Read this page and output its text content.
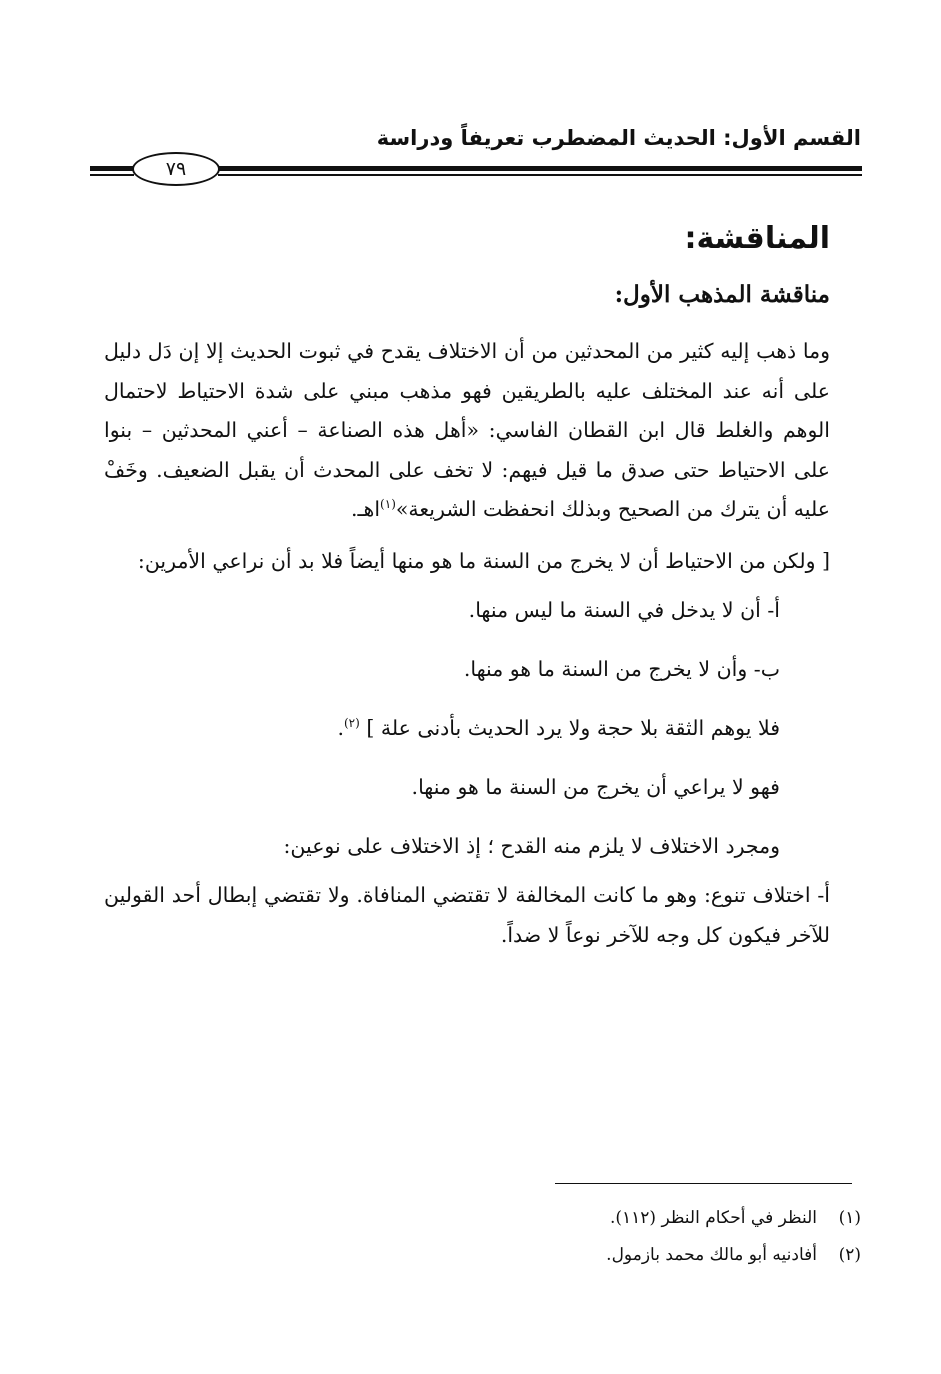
القسم الأول: الحديث المضطرب تعريفاً ودراسة
٧٩
المناقشة:
مناقشة المذهب الأول:

وما ذهب إليه كثير من المحدثين من أن الاختلاف يقدح في ثبوت الحديث إلا إن دَل دليل على أنه عند المختلف عليه بالطريقين فهو مذهب مبني على شدة الاحتياط لاحتمال الوهم والغلط قال ابن القطان الفاسي: «أهل هذه الصناعة – أعني المحدثين – بنوا على الاحتياط حتى صدق ما قيل فيهم: لا تخف على المحدث أن يقبل الضعيف. وخَفْ عليه أن يترك من الصحيح وبذلك انحفظت الشريعة»$^{(١)}$اهـ.

[ ولكن من الاحتياط أن لا يخرج من السنة ما هو منها أيضاً فلا بد أن نراعي الأمرين:

أ- أن لا يدخل في السنة ما ليس منها.
ب- وأن لا يخرج من السنة ما هو منها.
فلا يوهم الثقة بلا حجة ولا يرد الحديث بأدنى علة ] $^{(٢)}$.
فهو لا يراعي أن يخرج من السنة ما هو منها.
ومجرد الاختلاف لا يلزم منه القدح ؛ إذ الاختلاف على نوعين:

أ- اختلاف تنوع: وهو ما كانت المخالفة لا تقتضي المنافاة. ولا تقتضي إبطال أحد القولين للآخر فيكون كل وجه للآخر نوعاً لا ضداً.

(١)النظر في أحكام النظر (١١٢).
(٢)أفادنيه أبو مالك محمد بازمول.
